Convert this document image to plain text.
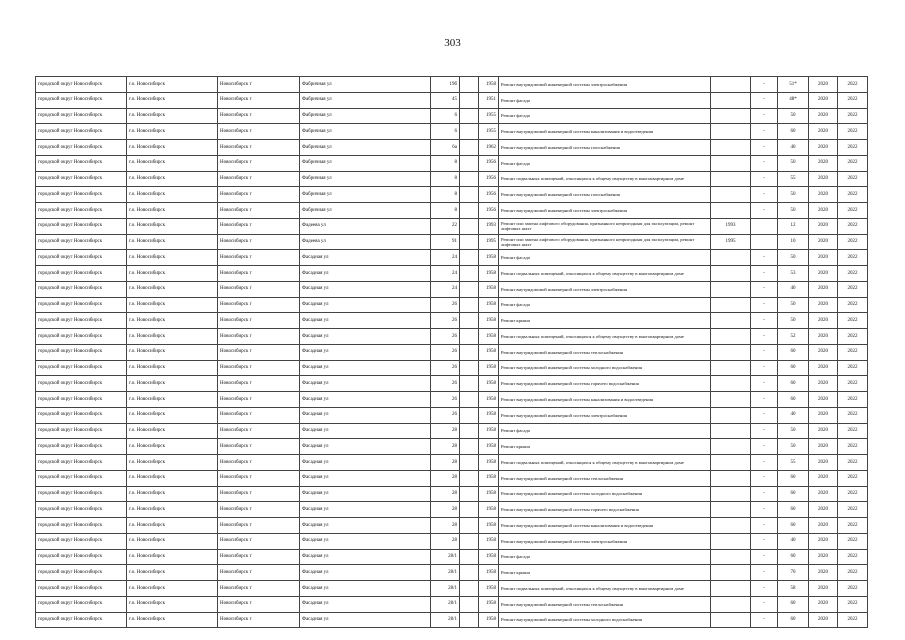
303
городской округ Новосибирск	г.о. Новосибирск	Новосибирск г	Фабричная ул	19б		1958	Ремонт внутридомовой инженерной системы электроснабжения		-	51*	2020	2022
городской округ Новосибирск	г.о. Новосибирск	Новосибирск г	Фабричная ул	45		1951	Ремонт фасада		-	48*	2020	2022
городской округ Новосибирск	г.о. Новосибирск	Новосибирск г	Фабричная ул	6		1955	Ремонт фасада		-	50	2020	2022
городской округ Новосибирск	г.о. Новосибирск	Новосибирск г	Фабричная ул	6		1955	Ремонт внутридомовой инженерной системы канализования и водоотведения		-	60	2020	2022
городской округ Новосибирск	г.о. Новосибирск	Новосибирск г	Фабричная ул	6а		1962	Ремонт внутридомовой инженерной системы газоснабжения		-	40	2020	2022
городской округ Новосибирск	г.о. Новосибирск	Новосибирск г	Фабричная ул	8		1956	Ремонт фасада		-	50	2020	2022
городской округ Новосибирск	г.о. Новосибирск	Новосибирск г	Фабричная ул	8		1956	Ремонт подвальных помещений, относящихся к общему имуществу в многоквартирном доме		-	55	2020	2022
городской округ Новосибирск	г.о. Новосибирск	Новосибирск г	Фабричная ул	8		1956	Ремонт внутридомовой инженерной системы газоснабжения		-	50	2020	2022
городской округ Новосибирск	г.о. Новосибирск	Новосибирск г	Фабричная ул	8		1956	Ремонт внутридомовой инженерной системы электроснабжения		-	50	2020	2022
городской округ Новосибирск	г.о. Новосибирск	Новосибирск г	Фадеева ул	22		1993	Ремонт или замена лифтового оборудования, признанного непригодным для эксплуатации, ремонт лифтовых шахт	1993		12	2020	2022
городской округ Новосибирск	г.о. Новосибирск	Новосибирск г	Фадеева ул	91		1995	Ремонт или замена лифтового оборудования, признанного непригодным для эксплуатации, ремонт лифтовых шахт	1995		10	2020	2022
городской округ Новосибирск	г.о. Новосибирск	Новосибирск г	Фасадная ул	24		1958	Ремонт фасада		-	50	2020	2022
городской округ Новосибирск	г.о. Новосибирск	Новосибирск г	Фасадная ул	24		1958	Ремонт подвальных помещений, относящихся к общему имуществу в многоквартирном доме		-	53	2020	2022
городской округ Новосибирск	г.о. Новосибирск	Новосибирск г	Фасадная ул	24		1958	Ремонт внутридомовой инженерной системы электроснабжения		-	40	2020	2022
городской округ Новосибирск	г.о. Новосибирск	Новосибирск г	Фасадная ул	26		1958	Ремонт фасада		-	50	2020	2022
городской округ Новосибирск	г.о. Новосибирск	Новосибирск г	Фасадная ул	26		1958	Ремонт крыши		-	50	2020	2022
городской округ Новосибирск	г.о. Новосибирск	Новосибирск г	Фасадная ул	26		1958	Ремонт подвальных помещений, относящихся к общему имуществу в многоквартирном доме		-	52	2020	2022
городской округ Новосибирск	г.о. Новосибирск	Новосибирск г	Фасадная ул	26		1958	Ремонт внутридомовой инженерной системы теплоснабжения		-	60	2020	2022
городской округ Новосибирск	г.о. Новосибирск	Новосибирск г	Фасадная ул	26		1958	Ремонт внутридомовой инженерной системы холодного водоснабжения		-	60	2020	2022
городской округ Новосибирск	г.о. Новосибирск	Новосибирск г	Фасадная ул	26		1958	Ремонт внутридомовой инженерной системы горячего водоснабжения		-	60	2020	2022
городской округ Новосибирск	г.о. Новосибирск	Новосибирск г	Фасадная ул	26		1958	Ремонт внутридомовой инженерной системы канализования и водоотведения		-	60	2020	2022
городской округ Новосибирск	г.о. Новосибирск	Новосибирск г	Фасадная ул	26		1958	Ремонт внутридомовой инженерной системы электроснабжения		-	40	2020	2022
городской округ Новосибирск	г.о. Новосибирск	Новосибирск г	Фасадная ул	28		1958	Ремонт фасада		-	50	2020	2022
городской округ Новосибирск	г.о. Новосибирск	Новосибирск г	Фасадная ул	28		1958	Ремонт крыши		-	50	2020	2022
городской округ Новосибирск	г.о. Новосибирск	Новосибирск г	Фасадная ул	28		1958	Ремонт подвальных помещений, относящихся к общему имуществу в многоквартирном доме		-	55	2020	2022
городской округ Новосибирск	г.о. Новосибирск	Новосибирск г	Фасадная ул	28		1958	Ремонт внутридомовой инженерной системы теплоснабжения		-	60	2020	2022
городской округ Новосибирск	г.о. Новосибирск	Новосибирск г	Фасадная ул	28		1958	Ремонт внутридомовой инженерной системы холодного водоснабжения		-	60	2020	2022
городской округ Новосибирск	г.о. Новосибирск	Новосибирск г	Фасадная ул	28		1958	Ремонт внутридомовой инженерной системы горячего водоснабжения		-	60	2020	2022
городской округ Новосибирск	г.о. Новосибирск	Новосибирск г	Фасадная ул	28		1958	Ремонт внутридомовой инженерной системы канализования и водоотведения		-	60	2020	2022
городской округ Новосибирск	г.о. Новосибирск	Новосибирск г	Фасадная ул	28		1958	Ремонт внутридомовой инженерной системы электроснабжения		-	40	2020	2022
городской округ Новосибирск	г.о. Новосибирск	Новосибирск г	Фасадная ул	28/1		1958	Ремонт фасада		-	60	2020	2022
городской округ Новосибирск	г.о. Новосибирск	Новосибирск г	Фасадная ул	28/1		1958	Ремонт крыши		-	70	2020	2022
городской округ Новосибирск	г.о. Новосибирск	Новосибирск г	Фасадная ул	28/1		1958	Ремонт подвальных помещений, относящихся к общему имуществу в многоквартирном доме		-	58	2020	2022
городской округ Новосибирск	г.о. Новосибирск	Новосибирск г	Фасадная ул	28/1		1958	Ремонт внутридомовой инженерной системы теплоснабжения		-	60	2020	2022
городской округ Новосибирск	г.о. Новосибирск	Новосибирск г	Фасадная ул	28/1		1958	Ремонт внутридомовой инженерной системы холодного водоснабжения		-	60	2020	2022
